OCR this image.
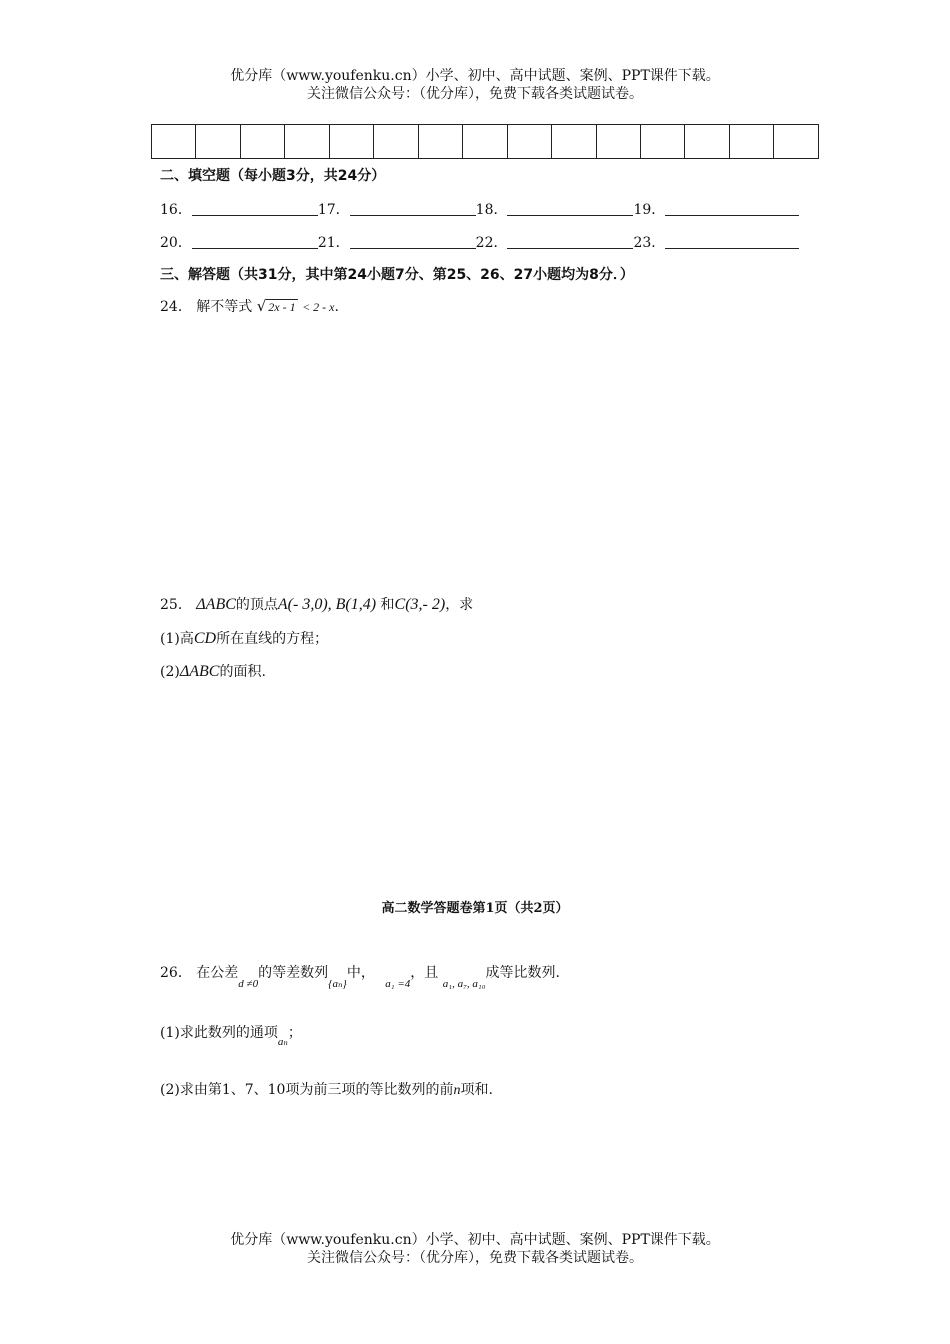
优分库（www.youfenku.cn）小学、初中、高中试题、案例、PPT课件下载。
关注微信公众号：（优分库），免费下载各类试题试卷。

二、填空题（每小题3分，共24分）
16．	17．	18．	19．
20．	21．	22．	23．
三、解答题（共31分，其中第24小题7分、第25、26、27小题均为8分．）
24． 解不等式 √ 2x - 1 < 2 - x.
25． ΔABC的顶点A(- 3,0), B(1,4) 和C(3,- 2)，求
(1)高CD所在直线的方程；
(2)ΔABC的面积.
高二数学答题卷第1页（共2页）
26． 在公差$_{d \ne 0}$的等差数列$_{\{a_n\}}$中， $_{a_1 =4}$，且 $_{a_1, a_7, a_{10}}$成等比数列.
(1)求此数列的通项$_{a_n}$；
(2)求由第1、7、10项为前三项的等比数列的前n项和.
优分库（www.youfenku.cn）小学、初中、高中试题、案例、PPT课件下载。
关注微信公众号：（优分库），免费下载各类试题试卷。
